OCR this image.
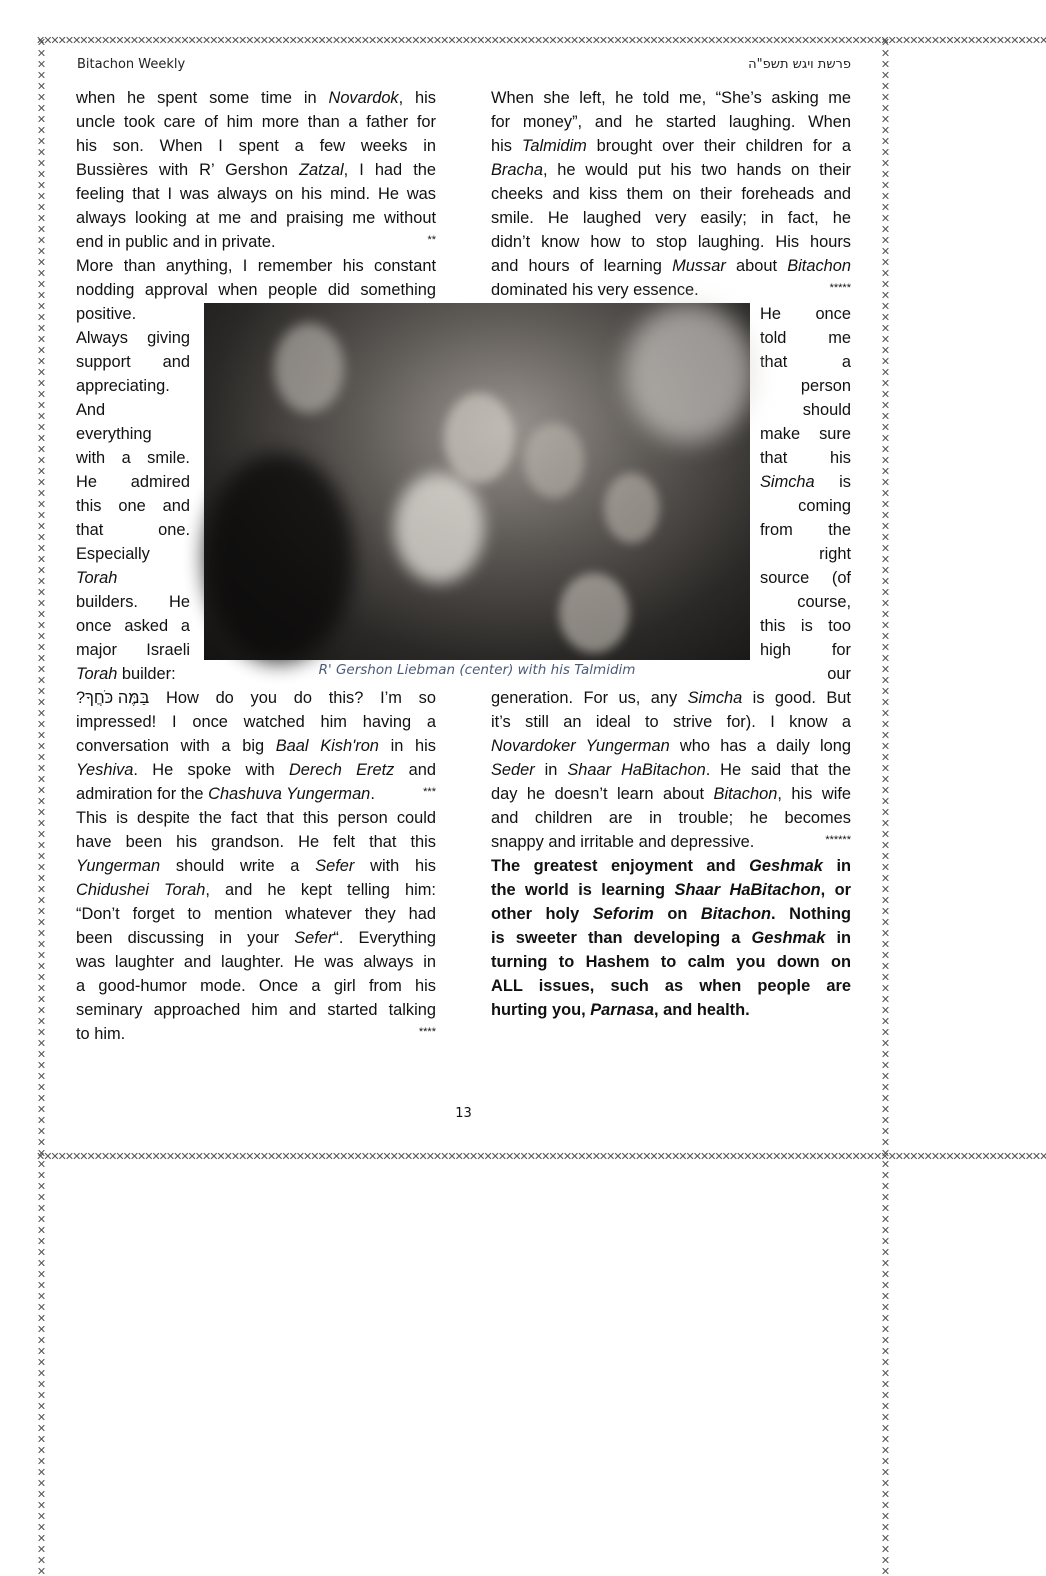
✕✕✕✕✕✕✕✕✕✕✕✕✕✕✕✕✕✕✕✕✕✕✕✕✕✕✕✕✕✕✕✕✕✕✕✕✕✕✕✕✕✕✕✕✕✕✕✕✕✕✕✕✕✕✕✕✕✕✕✕✕✕✕✕✕✕✕✕✕✕✕✕✕✕✕✕✕✕✕✕✕✕✕✕✕✕✕✕✕✕✕✕✕✕✕✕✕✕✕✕✕✕✕✕✕✕✕✕✕✕✕✕✕✕✕✕✕✕✕✕✕✕✕✕✕✕✕✕✕✕✕✕✕✕✕✕✕✕✕✕
✕✕✕✕✕✕✕✕✕✕✕✕✕✕✕✕✕✕✕✕✕✕✕✕✕✕✕✕✕✕✕✕✕✕✕✕✕✕✕✕✕✕✕✕✕✕✕✕✕✕✕✕✕✕✕✕✕✕✕✕✕✕✕✕✕✕✕✕✕✕✕✕✕✕✕✕✕✕✕✕✕✕✕✕✕✕✕✕✕✕✕✕✕✕✕✕✕✕✕✕✕✕✕✕✕✕✕✕✕✕✕✕✕✕✕✕✕✕✕✕✕✕✕✕✕✕✕✕✕✕✕✕✕✕✕✕✕✕✕✕
✕✕✕✕✕✕✕✕✕✕✕✕✕✕✕✕✕✕✕✕✕✕✕✕✕✕✕✕✕✕✕✕✕✕✕✕✕✕✕✕✕✕✕✕✕✕✕✕✕✕✕✕✕✕✕✕✕✕✕✕✕✕✕✕✕✕✕✕✕✕✕✕✕✕✕✕✕✕✕✕✕✕✕✕✕✕✕✕✕✕✕✕✕✕✕✕✕✕✕✕✕✕✕✕✕✕✕✕✕✕✕✕✕✕✕✕✕✕✕✕✕✕✕✕✕✕✕✕✕✕✕✕✕✕✕✕✕✕✕✕	✕✕✕✕✕✕✕✕✕✕✕✕✕✕✕✕✕✕✕✕✕✕✕✕✕✕✕✕✕✕✕✕✕✕✕✕✕✕✕✕✕✕✕✕✕✕✕✕✕✕✕✕✕✕✕✕✕✕✕✕✕✕✕✕✕✕✕✕✕✕✕✕✕✕✕✕✕✕✕✕✕✕✕✕✕✕✕✕✕✕✕✕✕✕✕✕✕✕✕✕✕✕✕✕✕✕✕✕✕✕✕✕✕✕✕✕✕✕✕✕✕✕✕✕✕✕✕✕✕✕✕✕✕✕✕✕✕✕✕✕
Bitachon Weekly	פרשת ויגש תשפ"ה
when he spent some time in Novardok, his
uncle took care of him more than a father for
his son. When I spent a few weeks in
Bussières with R’ Gershon Zatzal, I had the
feeling that I was always on his mind. He was
always looking at me and praising me without
**
end in public and in private.
More than anything, I remember his constant
nodding approval when people did something
positive.
Always giving
support and
appreciating.
And
everything
with a smile.
He admired
this one and
that one.
Especially
Torah
builders. He
once asked a
major Israeli
Torah builder:
בַּמֶּה כֹּחֲךָ? How do you do this? I’m so
impressed! I once watched him having a
conversation with a big Baal Kish'ron in his
Yeshiva. He spoke with Derech Eretz and
***
admiration for the Chashuva Yungerman.
This is despite the fact that this person could
have been his grandson. He felt that this
Yungerman should write a Sefer with his
Chidushei Torah, and he kept telling him:
“Don’t forget to mention whatever they had
been discussing in your Sefer“. Everything
was laughter and laughter. He was always in
a good-humor mode. Once a girl from his
seminary approached him and started talking
****
to him.
When she left, he told me, “She’s asking me
for money”, and he started laughing. When
his Talmidim brought over their children for a
Bracha, he would put his two hands on their
cheeks and kiss them on their foreheads and
smile. He laughed very easily; in fact, he
didn’t know how to stop laughing. His hours
and hours of learning Mussar about Bitachon
*****
dominated his very essence.
He once
told me
that a
person
should
make sure
that his
Simcha is
coming
from the
right
source (of
course,
this is too
high for
our
generation. For us, any Simcha is good. But
it’s still an ideal to strive for). I know a
Novardoker Yungerman who has a daily long
Seder in Shaar HaBitachon. He said that the
day he doesn’t learn about Bitachon, his wife
and children are in trouble; he becomes
******
snappy and irritable and depressive.
The greatest enjoyment and Geshmak in
the world is learning Shaar HaBitachon, or
other holy Seforim on Bitachon. Nothing
is sweeter than developing a Geshmak in
turning to Hashem to calm you down on
ALL issues, such as when people are
hurting you, Parnasa, and health.
R' Gershon Liebman (center) with his Talmidim
13
